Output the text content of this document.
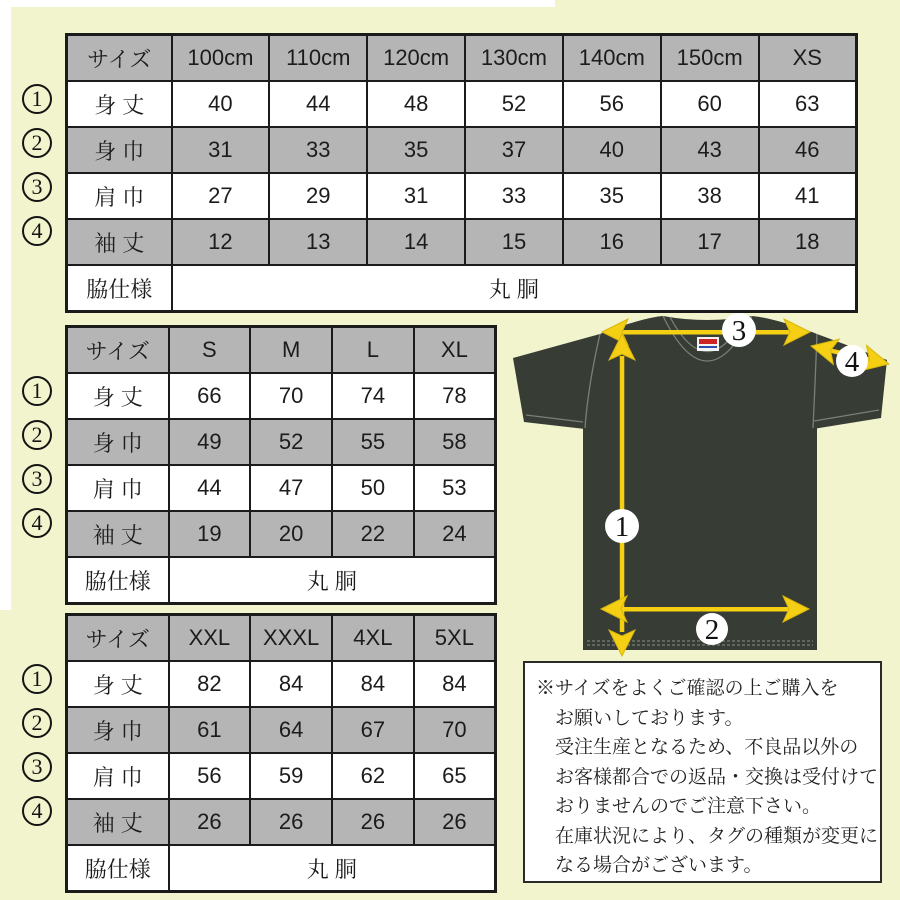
サイズ	100cm	110cm	120cm	130cm	140cm	150cm	XS
身 丈	40	44	48	52	56	60	63
身 巾	31	33	35	37	40	43	46
肩 巾	27	29	31	33	35	38	41
袖 丈	12	13	14	15	16	17	18
脇仕様	丸 胴						
サイズ	S	M	L	XL
身 丈	66	70	74	78
身 巾	49	52	55	58
肩 巾	44	47	50	53
袖 丈	19	20	22	24
脇仕様	丸 胴			
サイズ	XXL	XXXL	4XL	5XL
身 丈	82	84	84	84
身 巾	61	64	67	70
肩 巾	56	59	62	65
袖 丈	26	26	26	26
脇仕様	丸 胴			
3
4
1
2
※サイズをよくご確認の上ご購入を
お願いしております。
受注生産となるため、不良品以外の
お客様都合での返品・交換は受付けて
おりませんのでご注意下さい。
在庫状況により、タグの種類が変更に
なる場合がございます。
1
2
3
4
1
2
3
4
1
2
3
4
